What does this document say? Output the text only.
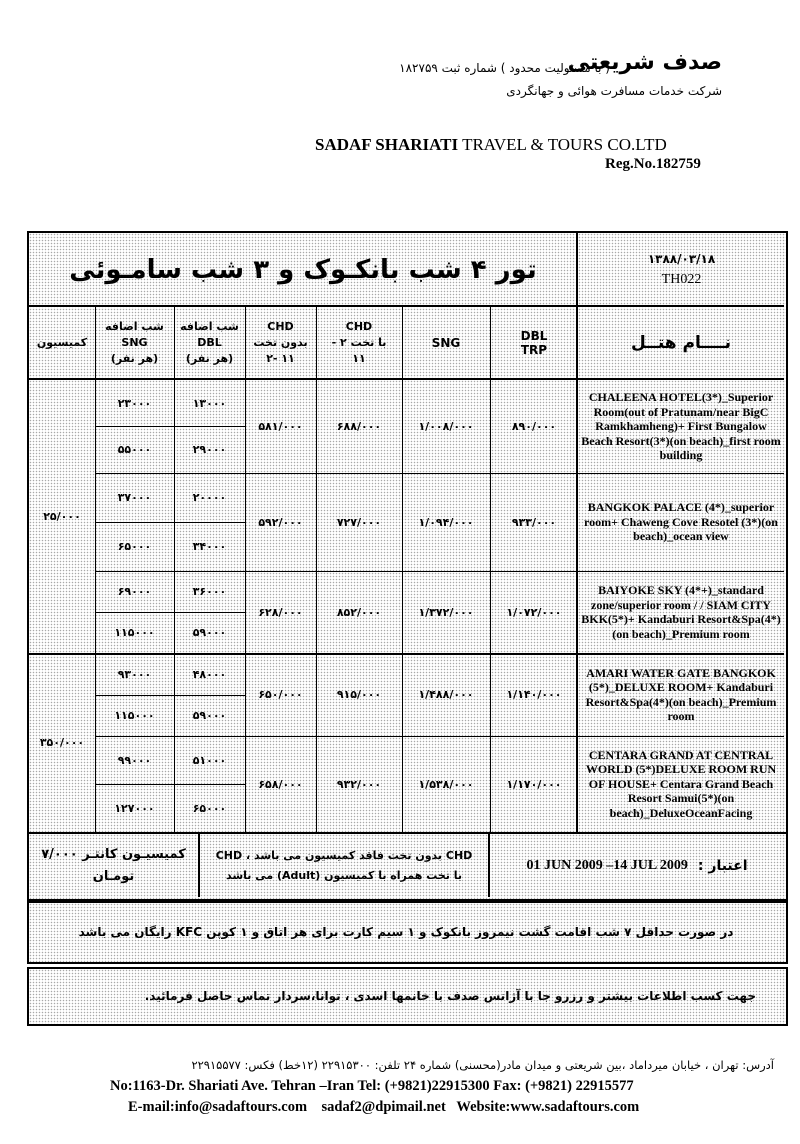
صدف شریعتی
( با مسئولیت محدود ) شماره ثبت ۱۸۲۷۵۹
شرکت خدمات مسافرت هوائی و جهانگردی
SADAF SHARIATI TRAVEL & TOURS CO.LTD
Reg.No.182759
تور ۴ شب بانکـوک و ۳ شب سامـوئی	۱۳۸۸/۰۳/۱۸
TH022
نــــام هتــل
DBL
TRP
SNG
CHD
با تخت ۲ -
۱۱
CHD
بدون تخت
۲- ۱۱
شب اضافه
DBL
(هر نفر)
شب اضافه
SNG
(هر نفر)
کمیسیون
CHALEENA HOTEL(3*)_Superior Room(out of Pratunam/near BigC Ramkhamheng)+ First Bungalow Beach Resort(3*)(on beach)_first room building
۸۹۰/۰۰۰
۱/۰۰۸/۰۰۰
۶۸۸/۰۰۰
۵۸۱/۰۰۰
۱۳۰۰۰
۲۳۰۰۰
۲۹۰۰۰
۵۵۰۰۰
BANGKOK PALACE (4*)_superior room+ Chaweng Cove Resotel (3*)(on beach)_ocean view
۹۳۳/۰۰۰
۱/۰۹۴/۰۰۰
۷۲۷/۰۰۰
۵۹۲/۰۰۰
۲۰۰۰۰
۳۷۰۰۰
۳۴۰۰۰
۶۵۰۰۰
BAIYOKE SKY (4*+)_standard zone/superior room / / SIAM CITY BKK(5*)+ Kandaburi Resort&Spa(4*)(on beach)_Premium room
۱/۰۷۲/۰۰۰
۱/۳۷۲/۰۰۰
۸۵۲/۰۰۰
۶۲۸/۰۰۰
۳۶۰۰۰
۶۹۰۰۰
۵۹۰۰۰
۱۱۵۰۰۰
AMARI WATER GATE BANGKOK (5*)_DELUXE ROOM+ Kandaburi Resort&Spa(4*)(on beach)_Premium room
۱/۱۴۰/۰۰۰
۱/۴۸۸/۰۰۰
۹۱۵/۰۰۰
۶۵۰/۰۰۰
۴۸۰۰۰
۹۳۰۰۰
۵۹۰۰۰
۱۱۵۰۰۰
CENTARA GRAND AT CENTRAL WORLD (5*)DELUXE ROOM RUN OF HOUSE+ Centara Grand Beach Resort Samui(5*)(on beach)_DeluxeOceanFacing
۱/۱۷۰/۰۰۰
۱/۵۳۸/۰۰۰
۹۳۲/۰۰۰
۶۵۸/۰۰۰
۵۱۰۰۰
۹۹۰۰۰
۶۵۰۰۰
۱۲۷۰۰۰
۲۵/۰۰۰
۳۵۰/۰۰۰
01 JUN 2009 –14 JUL 2009 اعتبار :
CHD بدون تخت فاقد کمیسیون می باشد ، CHD
با تخت همراه با کمیسیون (Adult) می باشد
کمیسیـون کانتـر ۷/۰۰۰
تومـان
در صورت حداقل ۷ شب اقامت گشت نیمروز بانکوک و ۱ سیم کارت برای هر اتاق و ۱ کوپن KFC رایگان می باشد
جهت کسب اطلاعات بیشتر و رزرو جا با آژانس صدف با خانمها اسدی ، توانا،سردار تماس حاصل فرمائید.
آدرس: تهران ، خیابان میرداماد ،بین شریعتی و میدان مادر(محسنی) شماره ۲۴ تلفن: ۲۲۹۱۵۳۰۰ (۱۲خط) فکس: ۲۲۹۱۵۵۷۷
No:1163-Dr. Shariati Ave. Tehran –Iran Tel: (+9821)22915300 Fax: (+9821) 22915577
E-mail:info@sadaftours.com    sadaf2@dpimail.net   Website:www.sadaftours.com
